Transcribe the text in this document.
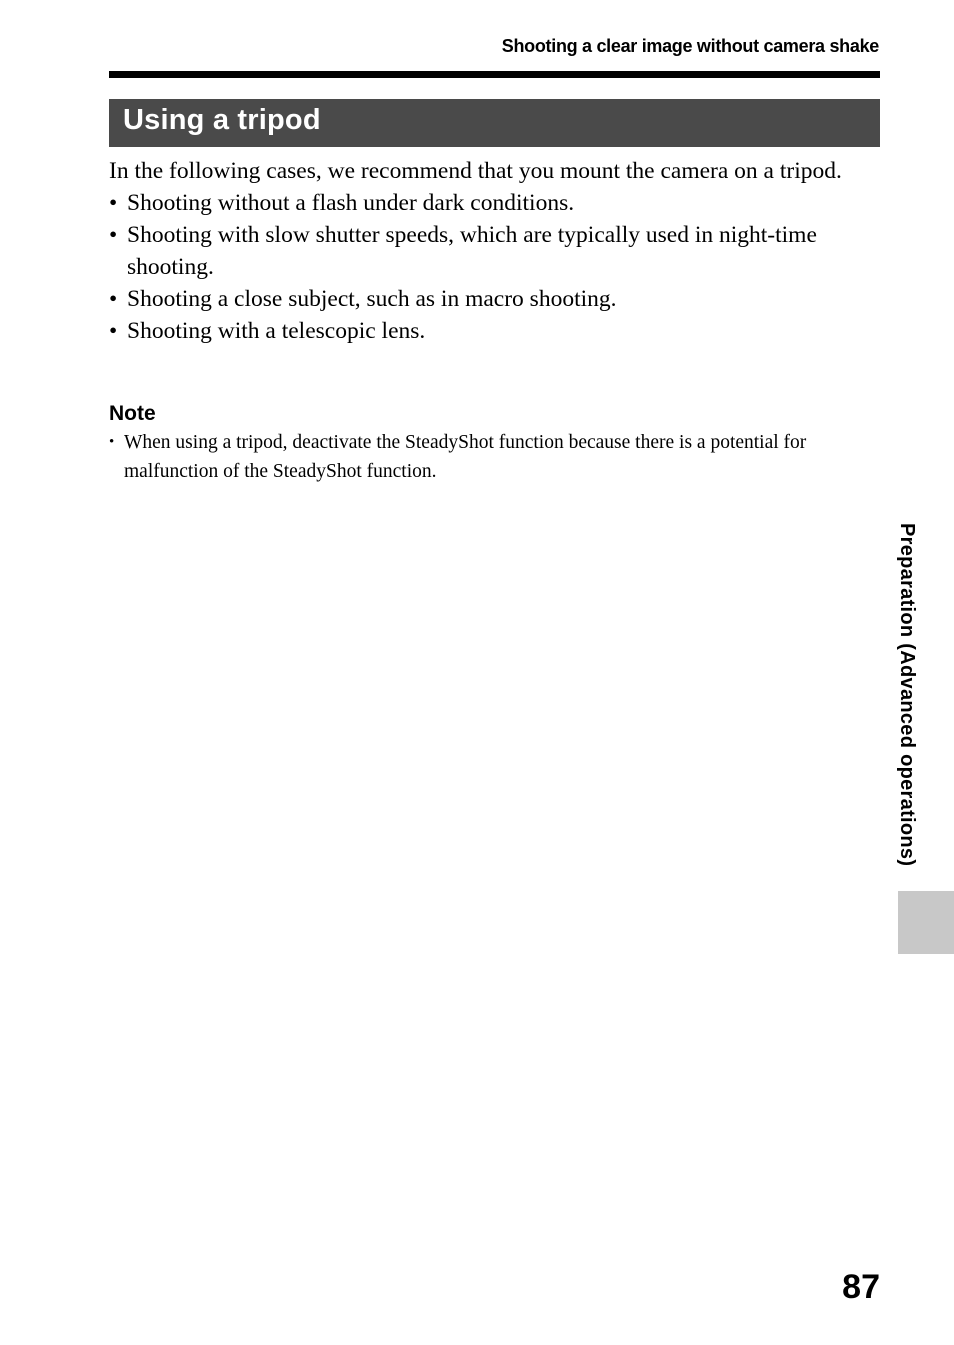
Shooting a clear image without camera shake
Using a tripod

In the following cases, we recommend that you mount the camera on a tripod.

• Shooting without a flash under dark conditions.
• Shooting with slow shutter speeds, which are typically used in night-time shooting.
• Shooting a close subject, such as in macro shooting.
• Shooting with a telescopic lens.
Note
• When using a tripod, deactivate the SteadyShot function because there is a potential for malfunction of the SteadyShot function.
Preparation (Advanced operations)
87
